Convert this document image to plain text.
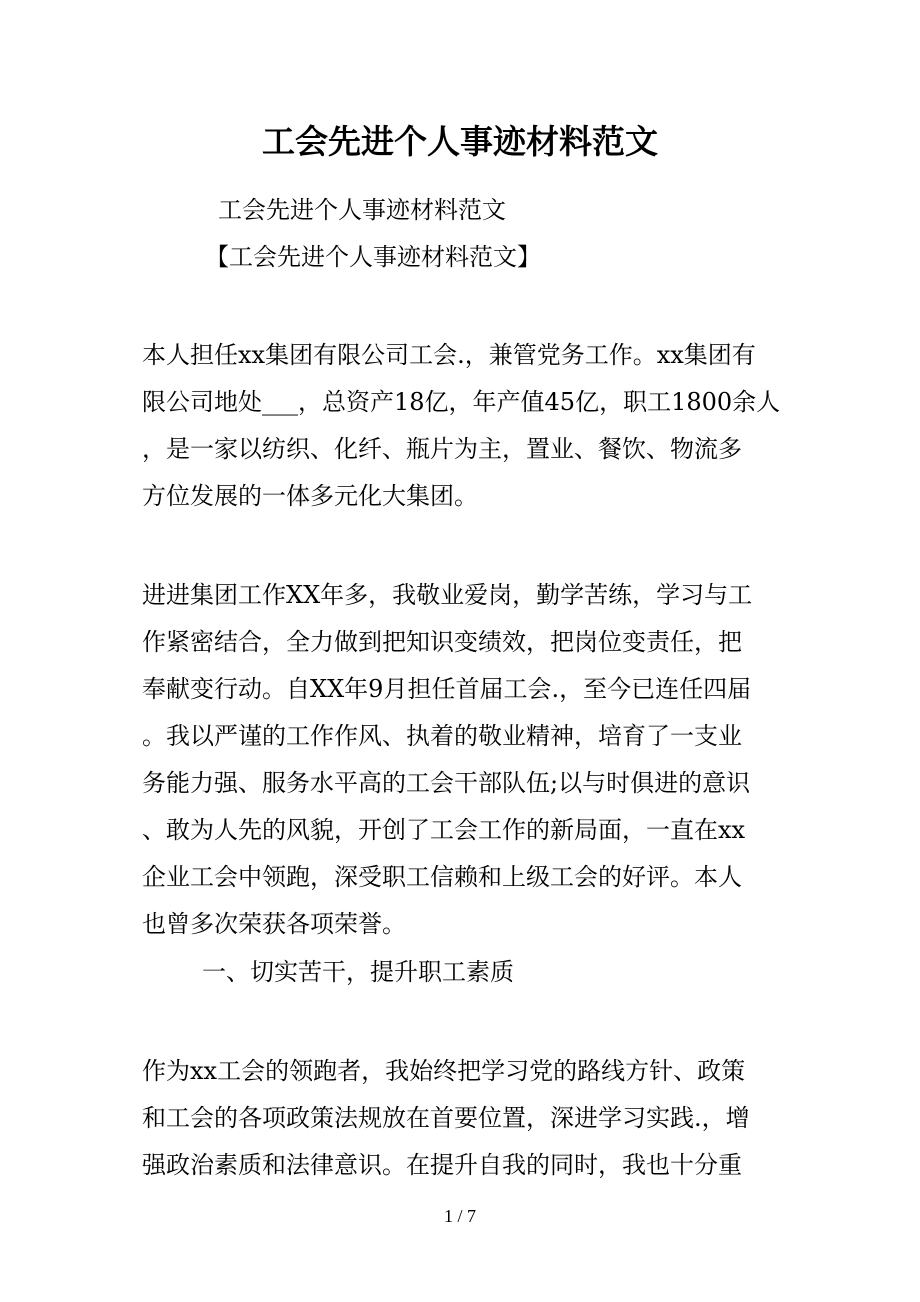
工会先进个人事迹材料范文

工会先进个人事迹材料范文

【工会先进个人事迹材料范文】

本人担任xx集团有限公司工会.，兼管党务工作。xx集团有

限公司地处___，总资产18亿，年产值45亿，职工1800余人

，是一家以纺织、化纤、瓶片为主，置业、餐饮、物流多

方位发展的一体多元化大集团。

进进集团工作XX年多，我敬业爱岗，勤学苦练，学习与工

作紧密结合，全力做到把知识变绩效，把岗位变责任，把

奉献变行动。自XX年9月担任首届工会.，至今已连任四届

。我以严谨的工作作风、执着的敬业精神，培育了一支业

务能力强、服务水平高的工会干部队伍;以与时俱进的意识

、敢为人先的风貌，开创了工会工作的新局面，一直在xx

企业工会中领跑，深受职工信赖和上级工会的好评。本人

也曾多次荣获各项荣誉。

一、切实苦干，提升职工素质

作为xx工会的领跑者，我始终把学习党的路线方针、政策

和工会的各项政策法规放在首要位置，深进学习实践.，增

强政治素质和法律意识。在提升自我的同时，我也十分重

1 / 7
